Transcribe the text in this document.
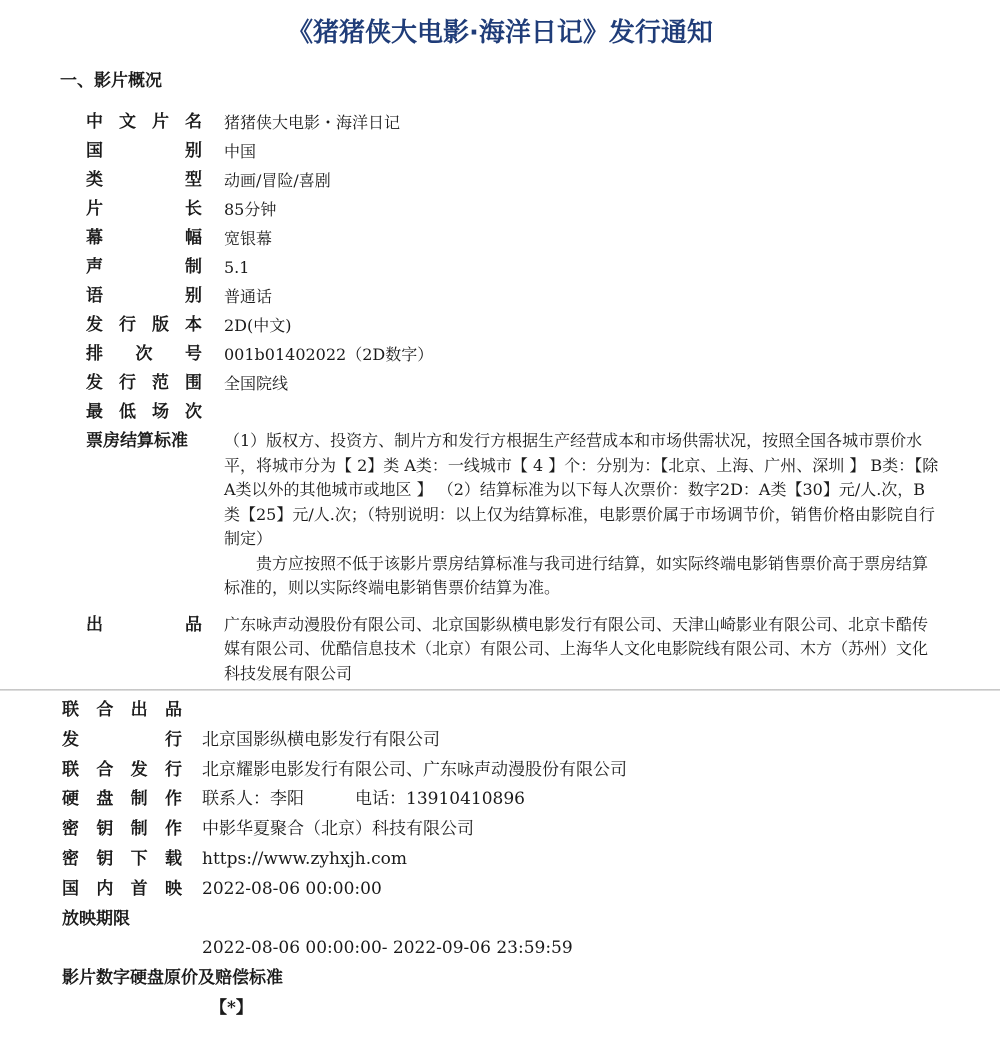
《猪猪侠大电影·海洋日记》发行通知
一、影片概况
中文片名 猪猪侠大电影・海洋日记
国别 中国
类型 动画/冒险/喜剧
片长 85分钟
幕幅 宽银幕
声制 5.1
语别 普通话
发行版本 2D(中文)
排次号 001b01402022（2D数字）
发行范围 全国院线
最低场次
票房结算标准	（1）版权方、投资方、制片方和发行方根据生产经营成本和市场供需状况，按照全国各城市票价水平，将城市分为【 2】类 A类：一线城市【 4 】个：分别为：【北京、上海、广州、深圳 】 B类：【除A类以外的其他城市或地区 】 （2）结算标准为以下每人次票价：数字2D：A类【30】元/人.次，B类【25】元/人.次；（特别说明：以上仅为结算标准，电影票价属于市场调节价，销售价格由影院自行制定）
贵方应按照不低于该影片票房结算标准与我司进行结算，如实际终端电影销售票价高于票房结算标准的，则以实际终端电影销售票价结算为准。
出品 广东咏声动漫股份有限公司、北京国影纵横电影发行有限公司、天津山崎影业有限公司、北京卡酷传媒有限公司、优酷信息技术（北京）有限公司、上海华人文化电影院线有限公司、木方（苏州）文化科技发展有限公司
联合出品
发行 北京国影纵横电影发行有限公司
联合发行 北京耀影电影发行有限公司、广东咏声动漫股份有限公司
硬盘制作 联系人：李阳　　　电话：13910410896
密钥制作 中影华夏聚合（北京）科技有限公司
密钥下载 https://www.zyhxjh.com
国内首映 2022-08-06 00:00:00
放映期限
2022-08-06 00:00:00- 2022-09-06 23:59:59
影片数字硬盘原价及赔偿标准
【*】
